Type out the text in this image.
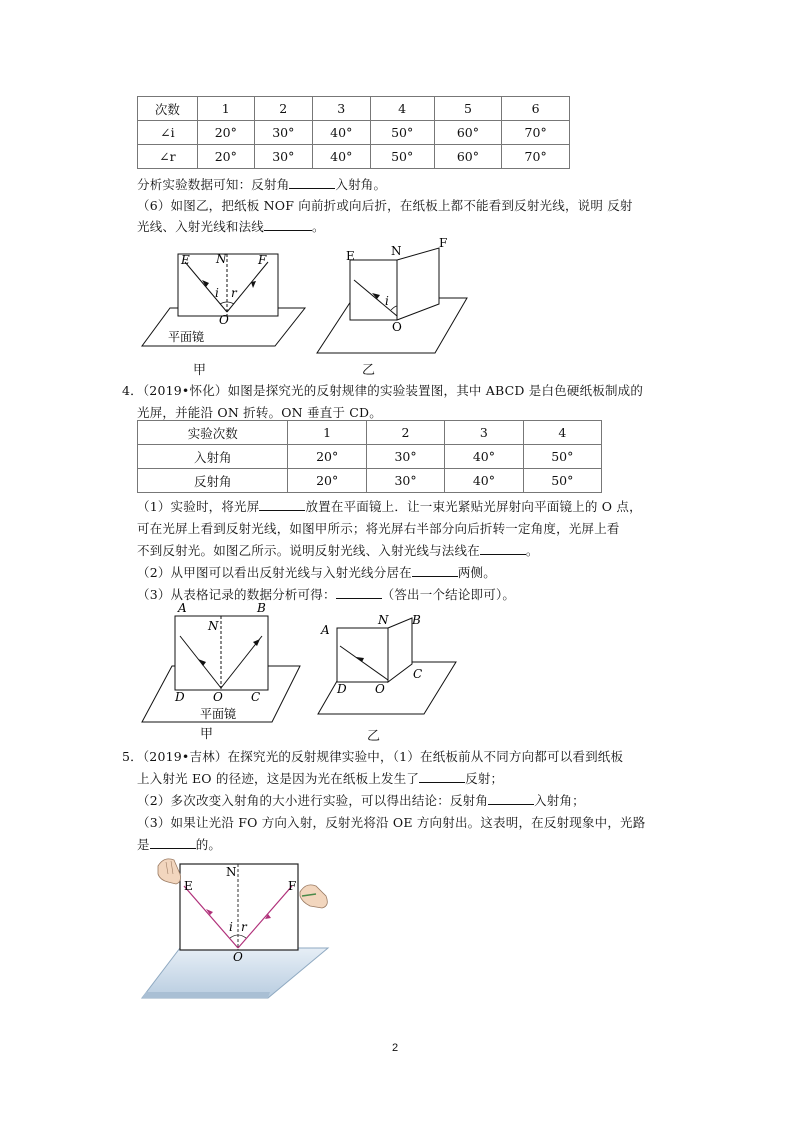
次数	1	2	3	4	5	6
∠i	20°	30°	40°	50°	60°	70°
∠r	20°	30°	40°	50°	60°	70°
分析实验数据可知：反射角	入射角。
（6）如图乙，把纸板 NOF 向前折或向后折，在纸板上都不能看到反射光线，说明 反射
光线、入射光线和法线	。
E N	F
i r
O
平面镜
甲
E	N
F
i
O
乙
4．（2019•怀化）如图是探究光的反射规律的实验装置图，其中 ABCD 是白色硬纸板制成的
光屏，并能沿 ON 折转。ON 垂直于 CD。
实验次数	1	2	3	4
入射角	20°	30°	40°	50°
反射角	20°	30°	40°	50°
（1）实验时，将光屏	放置在平面镜上．让一束光紧贴光屏射向平面镜上的 O 点，
可在光屏上看到反射光线，如图甲所示；将光屏右半部分向后折转一定角度，光屏上看
不到反射光。如图乙所示。说明反射光线、入射光线与法线在	。
（2）从甲图可以看出反射光线与入射光线分居在	两侧。
（3）从表格记录的数据分析可得：	（答出一个结论即可）。
A	B
N
D O C
平面镜
甲
A
N B
D O
C
乙
5．（2019•吉林）在探究光的反射规律实验中，（1）在纸板前从不同方向都可以看到纸板
上入射光 EO 的径迹，这是因为光在纸板上发生了	反射；
（2）多次改变入射角的大小进行实验，可以得出结论：反射角	入射角；
（3）如果让光沿 FO 方向入射，反射光将沿 OE 方向射出。这表明，在反射现象中，光路
是	的。
E
N
F
i r
O
2
